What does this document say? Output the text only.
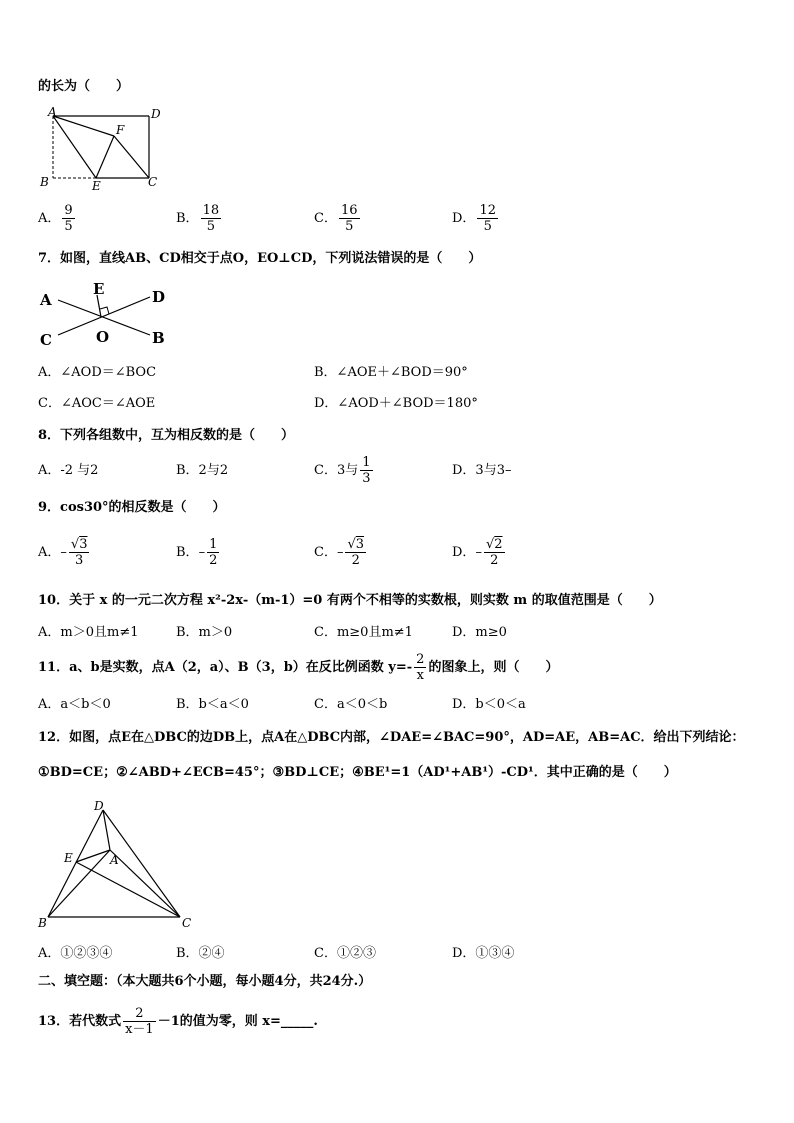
的长为（　　）
A	D
F
B	E	C
A． $\frac{9}{5}$	B． $\frac{18}{5}$	C． $\frac{16}{5}$	D． $\frac{12}{5}$
7．如图，直线AB、CD相交于点O，EO⊥CD，下列说法错误的是（　　）
A
E	D
C	O	B
A．∠AOD＝∠BOC	B．∠AOE＋∠BOD＝90°
C．∠AOC＝∠AOE	D．∠AOD＋∠BOD＝180°
8．下列各组数中，互为相反数的是（　　）
A．-2 与2	B．2与2	C．3与 $\frac{1}{3}$	D．3与3–
9．cos30°的相反数是（　　）
A．– $\frac{√3}{3}$	B．– $\frac{1}{2}$	C．– $\frac{√3}{2}$	D．– $\frac{√2}{2}$
10．关于 x 的一元二次方程 x²-2x-（m-1）=0 有两个不相等的实数根，则实数 m 的取值范围是（　　）
A．m＞0且m≠1	B．m＞0	C．m≥0且m≠1	D．m≥0
11．a、b是实数，点A（2，a）、B（3，b）在反比例函数 $y=- \frac{2}{x}$ 的图象上，则（　　）
A．a＜b＜0	B．b＜a＜0	C．a＜0＜b	D．b＜0＜a
12．如图，点E在△DBC的边DB上，点A在△DBC内部，∠DAE=∠BAC=90°，AD=AE，AB=AC．给出下列结论：
①BD=CE；②∠ABD+∠ECB=45°；③BD⊥CE；④BE¹=1（AD¹+AB¹）-CD¹．其中正确的是（　　）
D
E	A
B	C
A．①②③④	B．②④	C．①②③	D．①③④
二、填空题：（本大题共6个小题，每小题4分，共24分.）
13．若代数式 $\frac{2}{x-1} -1$的值为零，则 x=_____.
